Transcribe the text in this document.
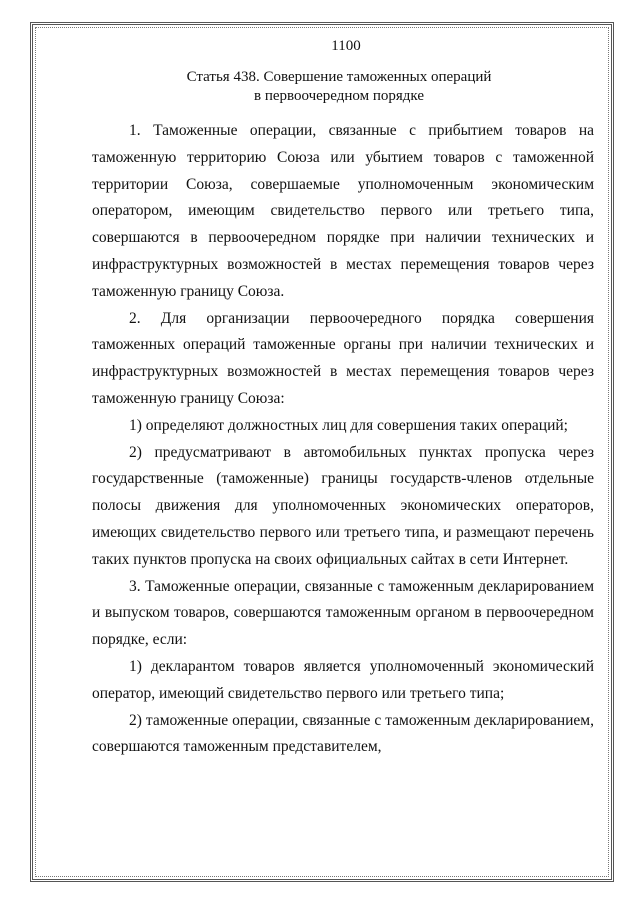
1100
Статья 438. Совершение таможенных операций
в первоочередном порядке

1. Таможенные операции, связанные с прибытием товаров на таможенную территорию Союза или убытием товаров с таможенной территории Союза, совершаемые уполномоченным экономическим оператором, имеющим свидетельство первого или третьего типа, совершаются в первоочередном порядке при наличии технических и инфраструктурных возможностей в местах перемещения товаров через таможенную границу Союза.

2. Для организации первоочередного порядка совершения таможенных операций таможенные органы при наличии технических и инфраструктурных возможностей в местах перемещения товаров через таможенную границу Союза:

1) определяют должностных лиц для совершения таких операций;

2) предусматривают в автомобильных пунктах пропуска через государственные (таможенные) границы государств-членов отдельные полосы движения для уполномоченных экономических операторов, имеющих свидетельство первого или третьего типа, и размещают перечень таких пунктов пропуска на своих официальных сайтах в сети Интернет.

3. Таможенные операции, связанные с таможенным декларированием и выпуском товаров, совершаются таможенным органом в первоочередном порядке, если:

1) декларантом товаров является уполномоченный экономический оператор, имеющий свидетельство первого или третьего типа;

2) таможенные операции, связанные с таможенным декларированием, совершаются таможенным представителем,
